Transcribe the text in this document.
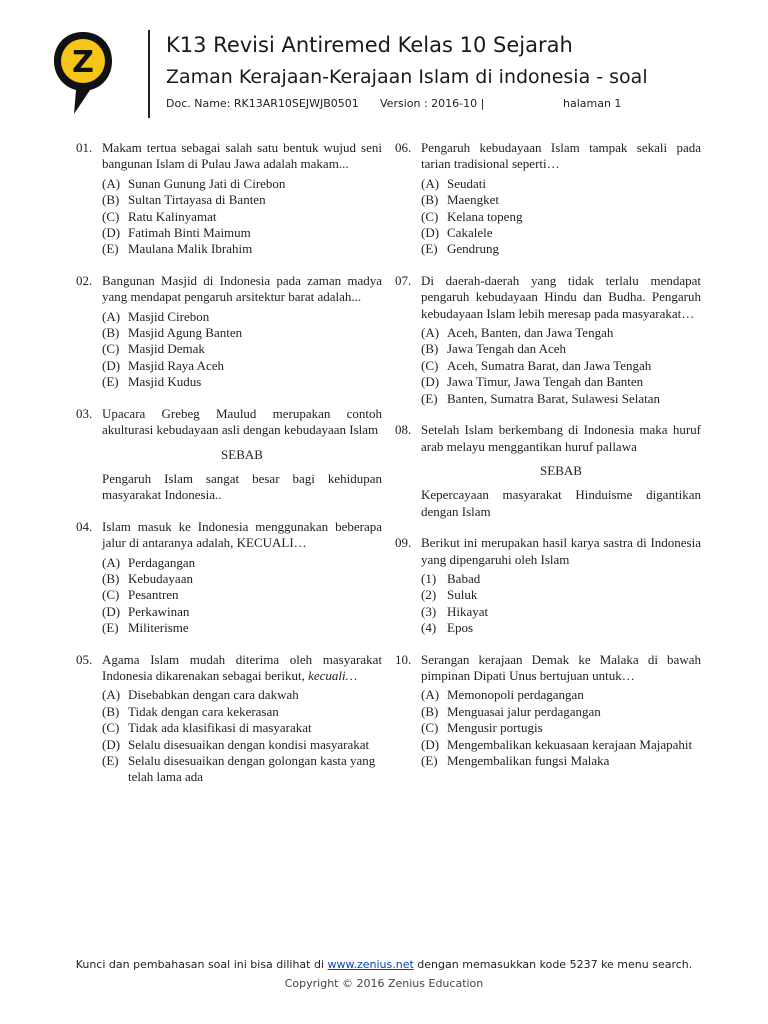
Z	K13 Revisi Antiremed Kelas 10 Sejarah
Zaman Kerajaan-Kerajaan Islam di indonesia - soal
Doc. Name: RK13AR10SEJWJB0501 Version : 2016-10 |	halaman 1
01. Makam tertua sebagai salah satu bentuk wujud seni bangunan Islam di Pulau Jawa adalah makam...
(A) Sunan Gunung Jati di Cirebon
(B) Sultan Tirtayasa di Banten
(C) Ratu Kalinyamat
(D) Fatimah Binti Maimum
(E) Maulana Malik Ibrahim
02. Bangunan Masjid di Indonesia pada zaman madya yang mendapat pengaruh arsitektur barat adalah...
(A) Masjid Cirebon
(B) Masjid Agung Banten
(C) Masjid Demak
(D) Masjid Raya Aceh
(E) Masjid Kudus
03. Upacara Grebeg Maulud merupakan contoh akulturasi kebudayaan asli dengan kebudayaan Islam
SEBAB
Pengaruh Islam sangat besar bagi kehidupan masyarakat Indonesia..
04. Islam masuk ke Indonesia menggunakan beberapa jalur di antaranya adalah, KECUALI…
(A) Perdagangan
(B) Kebudayaan
(C) Pesantren
(D) Perkawinan
(E) Militerisme
05. Agama Islam mudah diterima oleh masyarakat Indonesia dikarenakan sebagai berikut, kecuali…
(A) Disebabkan dengan cara dakwah
(B) Tidak dengan cara kekerasan
(C) Tidak ada klasifikasi di masyarakat
(D) Selalu disesuaikan dengan kondisi masyarakat
(E) Selalu disesuaikan dengan golongan kasta yang telah lama ada
06. Pengaruh kebudayaan Islam tampak sekali pada tarian tradisional seperti…
(A) Seudati
(B) Maengket
(C) Kelana topeng
(D) Cakalele
(E) Gendrung
07. Di daerah-daerah yang tidak terlalu mendapat pengaruh kebudayaan Hindu dan Budha. Pengaruh kebudayaan Islam lebih meresap pada masyarakat…
(A) Aceh, Banten, dan Jawa Tengah
(B) Jawa Tengah dan Aceh
(C) Aceh, Sumatra Barat, dan Jawa Tengah
(D) Jawa Timur, Jawa Tengah dan Banten
(E) Banten, Sumatra Barat, Sulawesi Selatan
08. Setelah Islam berkembang di Indonesia maka huruf arab melayu menggantikan huruf pallawa
SEBAB
Kepercayaan masyarakat Hinduisme digantikan dengan Islam
09. Berikut ini merupakan hasil karya sastra di Indonesia yang dipengaruhi oleh Islam
(1) Babad
(2) Suluk
(3) Hikayat
(4) Epos
10. Serangan kerajaan Demak ke Malaka di bawah pimpinan Dipati Unus bertujuan untuk…
(A) Memonopoli perdagangan
(B) Menguasai jalur perdagangan
(C) Mengusir portugis
(D) Mengembalikan kekuasaan kerajaan Majapahit
(E) Mengembalikan fungsi Malaka
Kunci dan pembahasan soal ini bisa dilihat di www.zenius.net dengan memasukkan kode 5237 ke menu search.
Copyright © 2016 Zenius Education
